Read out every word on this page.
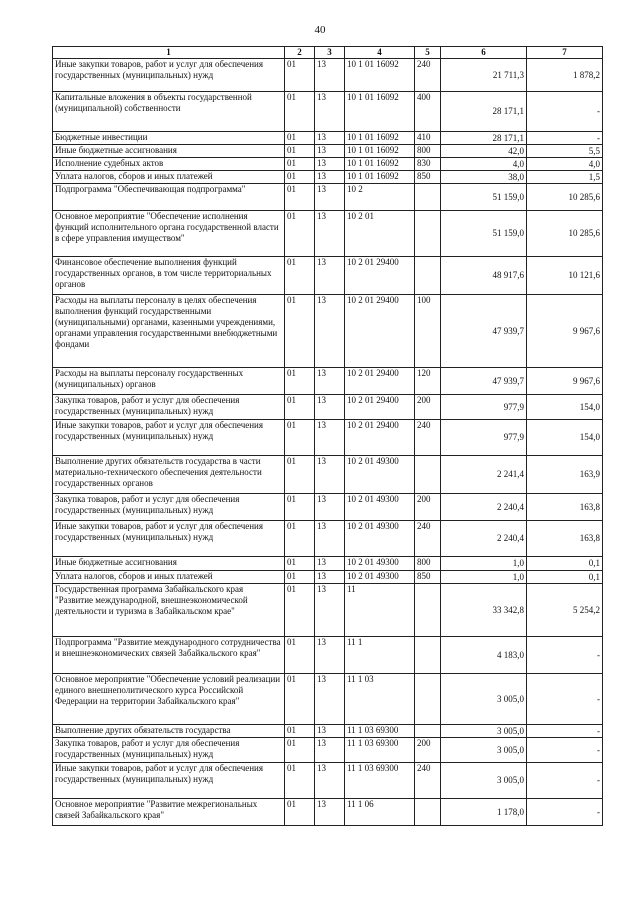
40
1	2	3	4	5	6	7
Иные закупки товаров, работ и услуг для обеспечения государственных (муниципальных) нужд	01	13	10 1 01 16092	240	21 711,3	1 878,2
Капитальные вложения в объекты государственной (муниципальной) собственности	01	13	10 1 01 16092	400	28 171,1	-
Бюджетные инвестиции	01	13	10 1 01 16092	410	28 171,1	-
Иные бюджетные ассигнования	01	13	10 1 01 16092	800	42,0	5,5
Исполнение судебных актов	01	13	10 1 01 16092	830	4,0	4,0
Уплата налогов, сборов и иных платежей	01	13	10 1 01 16092	850	38,0	1,5
Подпрограмма "Обеспечивающая подпрограмма"	01	13	10 2		51 159,0	10 285,6
Основное мероприятие "Обеспечение исполнения функций исполнительного органа государственной власти в сфере управления имуществом"	01	13	10 2 01		51 159,0	10 285,6
Финансовое обеспечение выполнения функций государственных органов, в том числе территориальных органов	01	13	10 2 01 29400		48 917,6	10 121,6
Расходы на выплаты персоналу в целях обеспечения выполнения функций государственными (муниципальными) органами, казенными учреждениями, органами управления государственными внебюджетными фондами	01	13	10 2 01 29400	100	47 939,7	9 967,6
Расходы на выплаты персоналу государственных (муниципальных) органов	01	13	10 2 01 29400	120	47 939,7	9 967,6
Закупка товаров, работ и услуг для обеспечения государственных (муниципальных) нужд	01	13	10 2 01 29400	200	977,9	154,0
Иные закупки товаров, работ и услуг для обеспечения государственных (муниципальных) нужд	01	13	10 2 01 29400	240	977,9	154,0
Выполнение других обязательств государства в части материально-технического обеспечения деятельности государственных органов	01	13	10 2 01 49300		2 241,4	163,9
Закупка товаров, работ и услуг для обеспечения государственных (муниципальных) нужд	01	13	10 2 01 49300	200	2 240,4	163,8
Иные закупки товаров, работ и услуг для обеспечения государственных (муниципальных) нужд	01	13	10 2 01 49300	240	2 240,4	163,8
Иные бюджетные ассигнования	01	13	10 2 01 49300	800	1,0	0,1
Уплата налогов, сборов и иных платежей	01	13	10 2 01 49300	850	1,0	0,1
Государственная программа Забайкальского края "Развитие международной, внешнеэкономической деятельности и туризма в Забайкальском крае"	01	13	11		33 342,8	5 254,2
Подпрограмма "Развитие международного сотрудничества и внешнеэкономических связей Забайкальского края"	01	13	11 1		4 183,0	-
Основное мероприятие "Обеспечение условий реализации единого внешнеполитического курса Российской Федерации на территории Забайкальского края"	01	13	11 1 03		3 005,0	-
Выполнение других обязательств государства	01	13	11 1 03 69300		3 005,0	-
Закупка товаров, работ и услуг для обеспечения государственных (муниципальных) нужд	01	13	11 1 03 69300	200	3 005,0	-
Иные закупки товаров, работ и услуг для обеспечения государственных (муниципальных) нужд	01	13	11 1 03 69300	240	3 005,0	-
Основное мероприятие "Развитие межрегиональных связей Забайкальского края"	01	13	11 1 06		1 178,0	-
